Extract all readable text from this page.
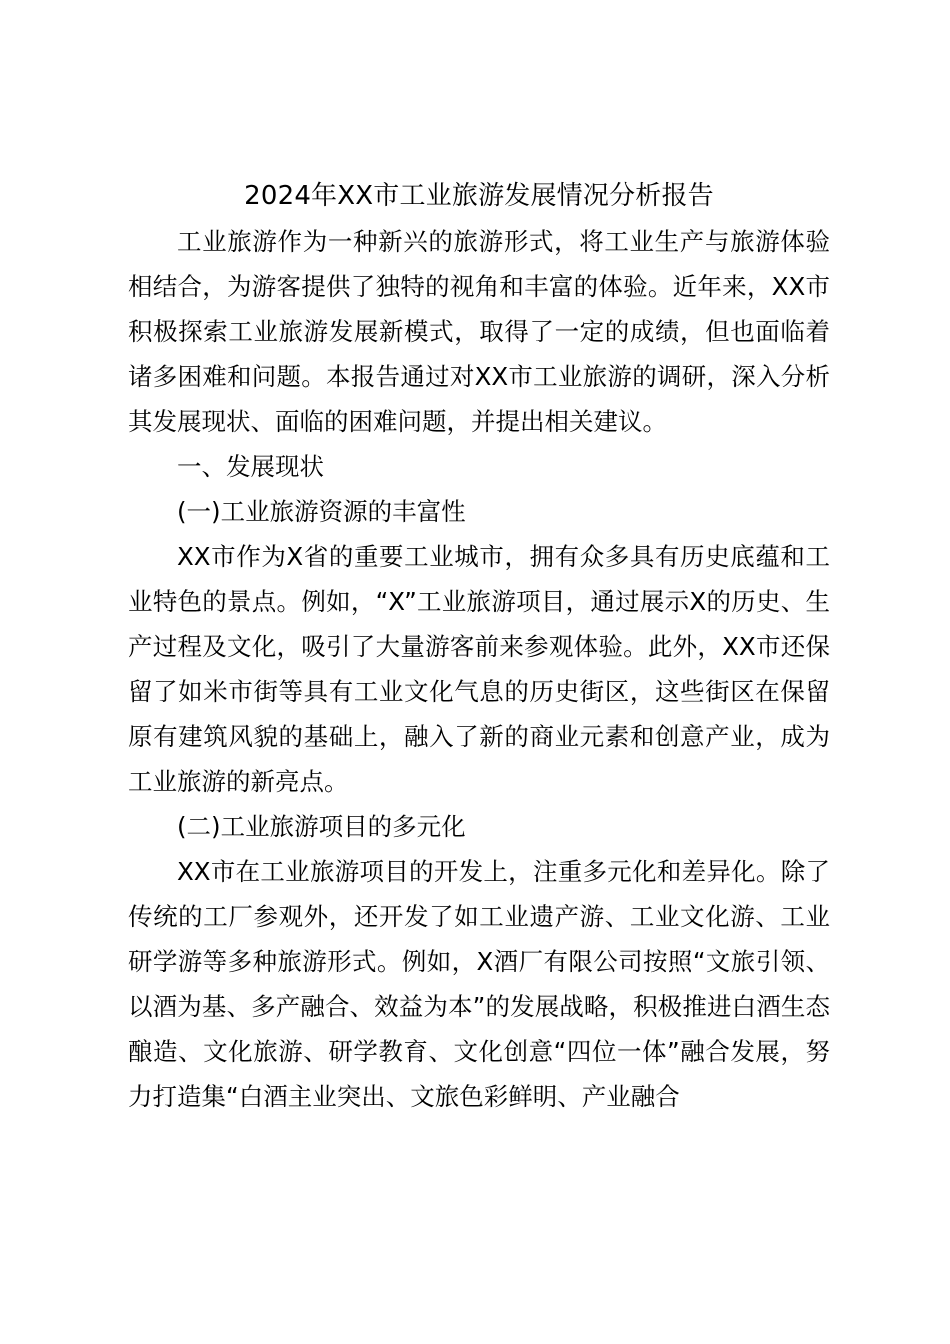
2024年XX市工业旅游发展情况分析报告

工业旅游作为一种新兴的旅游形式，将工业生产与旅游体验相结合，为游客提供了独特的视角和丰富的体验。近年来，XX市积极探索工业旅游发展新模式，取得了一定的成绩，但也面临着诸多困难和问题。本报告通过对XX市工业旅游的调研，深入分析其发展现状、面临的困难问题，并提出相关建议。

一、发展现状

(一)工业旅游资源的丰富性

XX市作为X省的重要工业城市，拥有众多具有历史底蕴和工业特色的景点。例如，“X”工业旅游项目，通过展示X的历史、生产过程及文化，吸引了大量游客前来参观体验。此外，XX市还保留了如米市街等具有工业文化气息的历史街区，这些街区在保留原有建筑风貌的基础上，融入了新的商业元素和创意产业，成为工业旅游的新亮点。

(二)工业旅游项目的多元化

XX市在工业旅游项目的开发上，注重多元化和差异化。除了传统的工厂参观外，还开发了如工业遗产游、工业文化游、工业研学游等多种旅游形式。例如，X酒厂有限公司按照“文旅引领、以酒为基、多产融合、效益为本”的发展战略，积极推进白酒生态酿造、文化旅游、研学教育、文化创意“四位一体”融合发展，努力打造集“白酒主业突出、文旅色彩鲜明、产业融合
